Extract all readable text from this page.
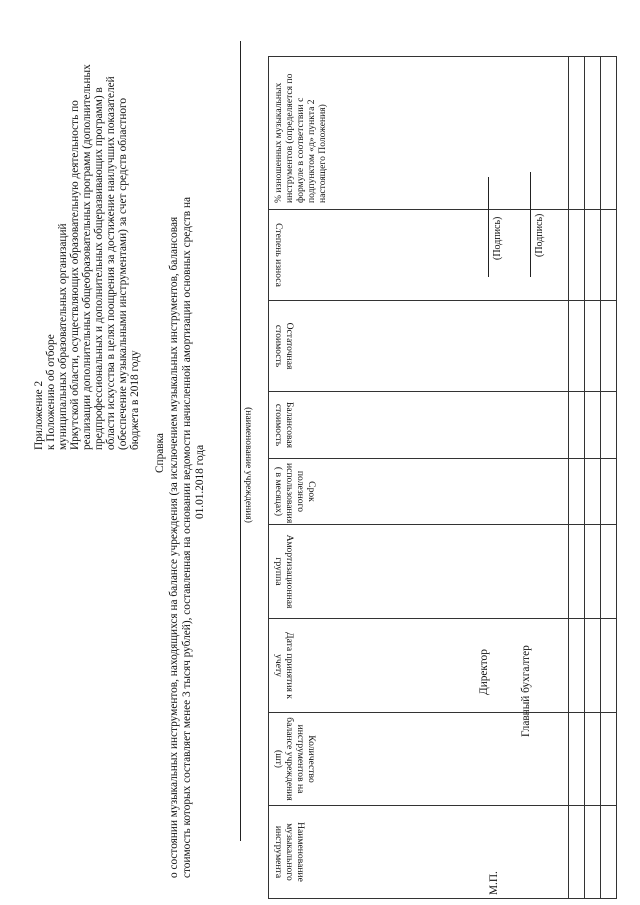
Приложение 2 к Положению об отборе муниципальных образовательных организаций Иркутской области, осуществляющих образовательную деятельность по реализации дополнительных общеобразовательных программ (дополнительных предпрофессиональных и дополнительных общеразвивающих программ) в области искусства в целях поощрения за достижение наилучших показателей (обеспечение музыкальными инструментами) за счет средств областного бюджета в 2018 году
Справка о состоянии музыкальных инструментов, находящихся на балансе учреждения (за исключением музыкальных инструментов, балансовая стоимость которых составляет менее 3 тысяч рублей), составленная на основании ведомости начисленной амортизации основных средств на 01.01.2018 года	(наименование учреждения)
Наименование музыкального инструмента	Количество инструментов на балансе учреждения (шт)	Дата принятия к учету	Амортизационная группа	Срок полезного использования ( в месяцах)	Балансовая стоимость	Остаточная стоимость	Степень износа	% изношенных музыкальных инструментов (определяется по формуле в соответствии с подпунктом «д» пункта 2 настоящего Положения)

М.П.
Директор
(Подпись)
Главный бухгалтер
(Подпись)
